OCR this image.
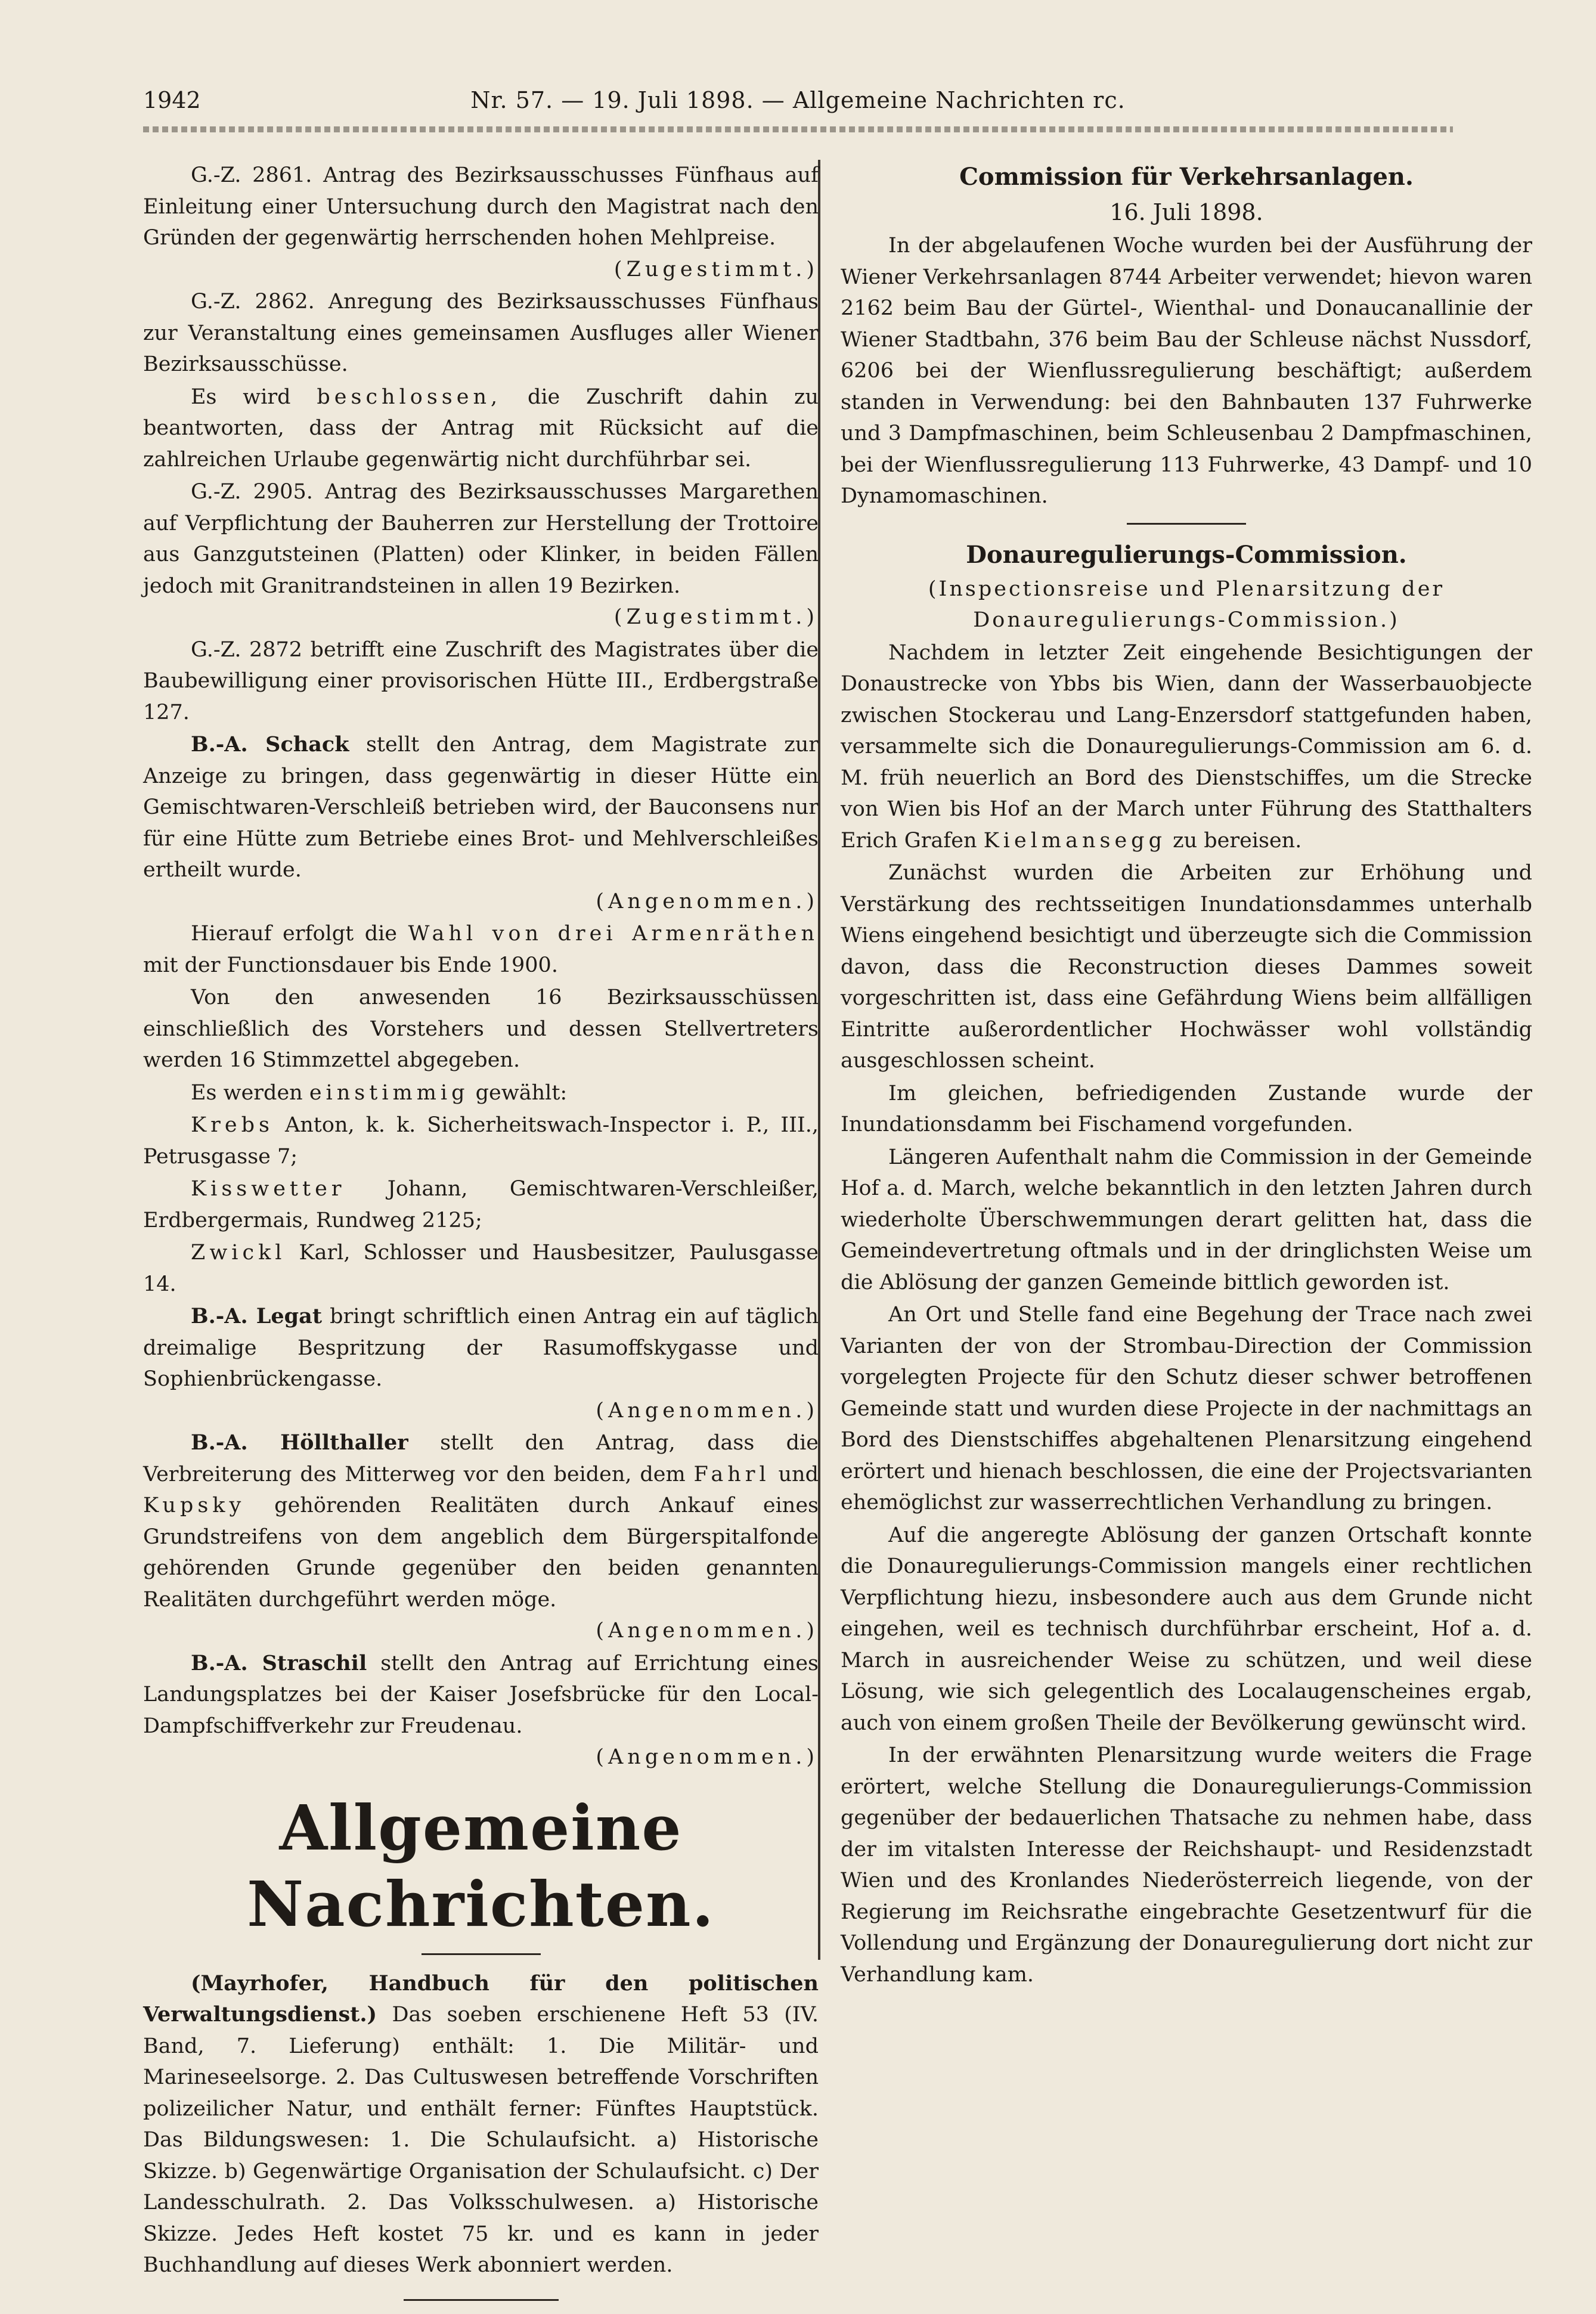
1942	Nr. 57. — 19. Juli 1898. — Allgemeine Nachrichten rc.

G.-Z. 2861. Antrag des Bezirksausschusses Fünfhaus auf Einleitung einer Untersuchung durch den Magistrat nach den Gründen der gegenwärtig herrschenden hohen Mehlpreise.
(Zugestimmt.)

G.-Z. 2862. Anregung des Bezirksausschusses Fünfhaus zur Veranstaltung eines gemeinsamen Ausfluges aller Wiener Bezirksausschüsse.

Es wird beschlossen, die Zuschrift dahin zu beantworten, dass der Antrag mit Rücksicht auf die zahlreichen Urlaube gegenwärtig nicht durchführbar sei.

G.-Z. 2905. Antrag des Bezirksausschusses Margarethen auf Verpflichtung der Bauherren zur Herstellung der Trottoire aus Ganzgutsteinen (Platten) oder Klinker, in beiden Fällen jedoch mit Granitrandsteinen in allen 19 Bezirken.
(Zugestimmt.)

G.-Z. 2872 betrifft eine Zuschrift des Magistrates über die Baubewilligung einer provisorischen Hütte III., Erdbergstraße 127.

B.-A. Schack stellt den Antrag, dem Magistrate zur Anzeige zu bringen, dass gegenwärtig in dieser Hütte ein Gemischtwaren-Verschleiß betrieben wird, der Bauconsens nur für eine Hütte zum Betriebe eines Brot- und Mehlverschleißes ertheilt wurde.
(Angenommen.)

Hierauf erfolgt die Wahl von drei Armenräthen mit der Functionsdauer bis Ende 1900.

Von den anwesenden 16 Bezirksausschüssen einschließlich des Vorstehers und dessen Stellvertreters werden 16 Stimmzettel abgegeben.

Es werden einstimmig gewählt:

Krebs Anton, k. k. Sicherheitswach-Inspector i. P., III., Petrusgasse 7;

Kisswetter Johann, Gemischtwaren-Verschleißer, Erdbergermais, Rundweg 2125;

Zwickl Karl, Schlosser und Hausbesitzer, Paulusgasse 14.

B.-A. Legat bringt schriftlich einen Antrag ein auf täglich dreimalige Bespritzung der Rasumoffskygasse und Sophienbrückengasse.
(Angenommen.)

B.-A. Höllthaller stellt den Antrag, dass die Verbreiterung des Mitterweg vor den beiden, dem Fahrl und Kupsky gehörenden Realitäten durch Ankauf eines Grundstreifens von dem angeblich dem Bürgerspitalfonde gehörenden Grunde gegenüber den beiden genannten Realitäten durchgeführt werden möge.
(Angenommen.)

B.-A. Straschil stellt den Antrag auf Errichtung eines Landungsplatzes bei der Kaiser Josefsbrücke für den Local-Dampfschiffverkehr zur Freudenau.
(Angenommen.)

Allgemeine Nachrichten.

(Mayrhofer, Handbuch für den politischen Verwaltungsdienst.) Das soeben erschienene Heft 53 (IV. Band, 7. Lieferung) enthält: 1. Die Militär- und Marineseelsorge. 2. Das Cultuswesen betreffende Vorschriften polizeilicher Natur, und enthält ferner: Fünftes Hauptstück. Das Bildungswesen: 1. Die Schulaufsicht. a) Historische Skizze. b) Gegenwärtige Organisation der Schulaufsicht. c) Der Landesschulrath. 2. Das Volksschulwesen. a) Historische Skizze. Jedes Heft kostet 75 kr. und es kann in jeder Buchhandlung auf dieses Werk abonniert werden.

Commission für Verkehrsanlagen.

16. Juli 1898.

In der abgelaufenen Woche wurden bei der Ausführung der Wiener Verkehrsanlagen 8744 Arbeiter verwendet; hievon waren 2162 beim Bau der Gürtel-, Wienthal- und Donaucanallinie der Wiener Stadtbahn, 376 beim Bau der Schleuse nächst Nussdorf, 6206 bei der Wienflussregulierung beschäftigt; außerdem standen in Verwendung: bei den Bahnbauten 137 Fuhrwerke und 3 Dampfmaschinen, beim Schleusenbau 2 Dampfmaschinen, bei der Wienflussregulierung 113 Fuhrwerke, 43 Dampf- und 10 Dynamomaschinen.

Donauregulierungs-Commission.

(Inspectionsreise und Plenarsitzung der Donauregulierungs-Commission.)

Nachdem in letzter Zeit eingehende Besichtigungen der Donaustrecke von Ybbs bis Wien, dann der Wasserbauobjecte zwischen Stockerau und Lang-Enzersdorf stattgefunden haben, versammelte sich die Donauregulierungs-Commission am 6. d. M. früh neuerlich an Bord des Dienstschiffes, um die Strecke von Wien bis Hof an der March unter Führung des Statthalters Erich Grafen Kielmansegg zu bereisen.

Zunächst wurden die Arbeiten zur Erhöhung und Verstärkung des rechtsseitigen Inundationsdammes unterhalb Wiens eingehend besichtigt und überzeugte sich die Commission davon, dass die Reconstruction dieses Dammes soweit vorgeschritten ist, dass eine Gefährdung Wiens beim allfälligen Eintritte außerordentlicher Hochwässer wohl vollständig ausgeschlossen scheint.

Im gleichen, befriedigenden Zustande wurde der Inundationsdamm bei Fischamend vorgefunden.

Längeren Aufenthalt nahm die Commission in der Gemeinde Hof a. d. March, welche bekanntlich in den letzten Jahren durch wiederholte Überschwemmungen derart gelitten hat, dass die Gemeindevertretung oftmals und in der dringlichsten Weise um die Ablösung der ganzen Gemeinde bittlich geworden ist.

An Ort und Stelle fand eine Begehung der Trace nach zwei Varianten der von der Strombau-Direction der Commission vorgelegten Projecte für den Schutz dieser schwer betroffenen Gemeinde statt und wurden diese Projecte in der nachmittags an Bord des Dienstschiffes abgehaltenen Plenarsitzung eingehend erörtert und hienach beschlossen, die eine der Projectsvarianten ehemöglichst zur wasserrechtlichen Verhandlung zu bringen.

Auf die angeregte Ablösung der ganzen Ortschaft konnte die Donauregulierungs-Commission mangels einer rechtlichen Verpflichtung hiezu, insbesondere auch aus dem Grunde nicht eingehen, weil es technisch durchführbar erscheint, Hof a. d. March in ausreichender Weise zu schützen, und weil diese Lösung, wie sich gelegentlich des Localaugenscheines ergab, auch von einem großen Theile der Bevölkerung gewünscht wird.

In der erwähnten Plenarsitzung wurde weiters die Frage erörtert, welche Stellung die Donauregulierungs-Commission gegenüber der bedauerlichen Thatsache zu nehmen habe, dass der im vitalsten Interesse der Reichshaupt- und Residenzstadt Wien und des Kronlandes Niederösterreich liegende, von der Regierung im Reichsrathe eingebrachte Gesetzentwurf für die Vollendung und Ergänzung der Donauregulierung dort nicht zur Verhandlung kam.
